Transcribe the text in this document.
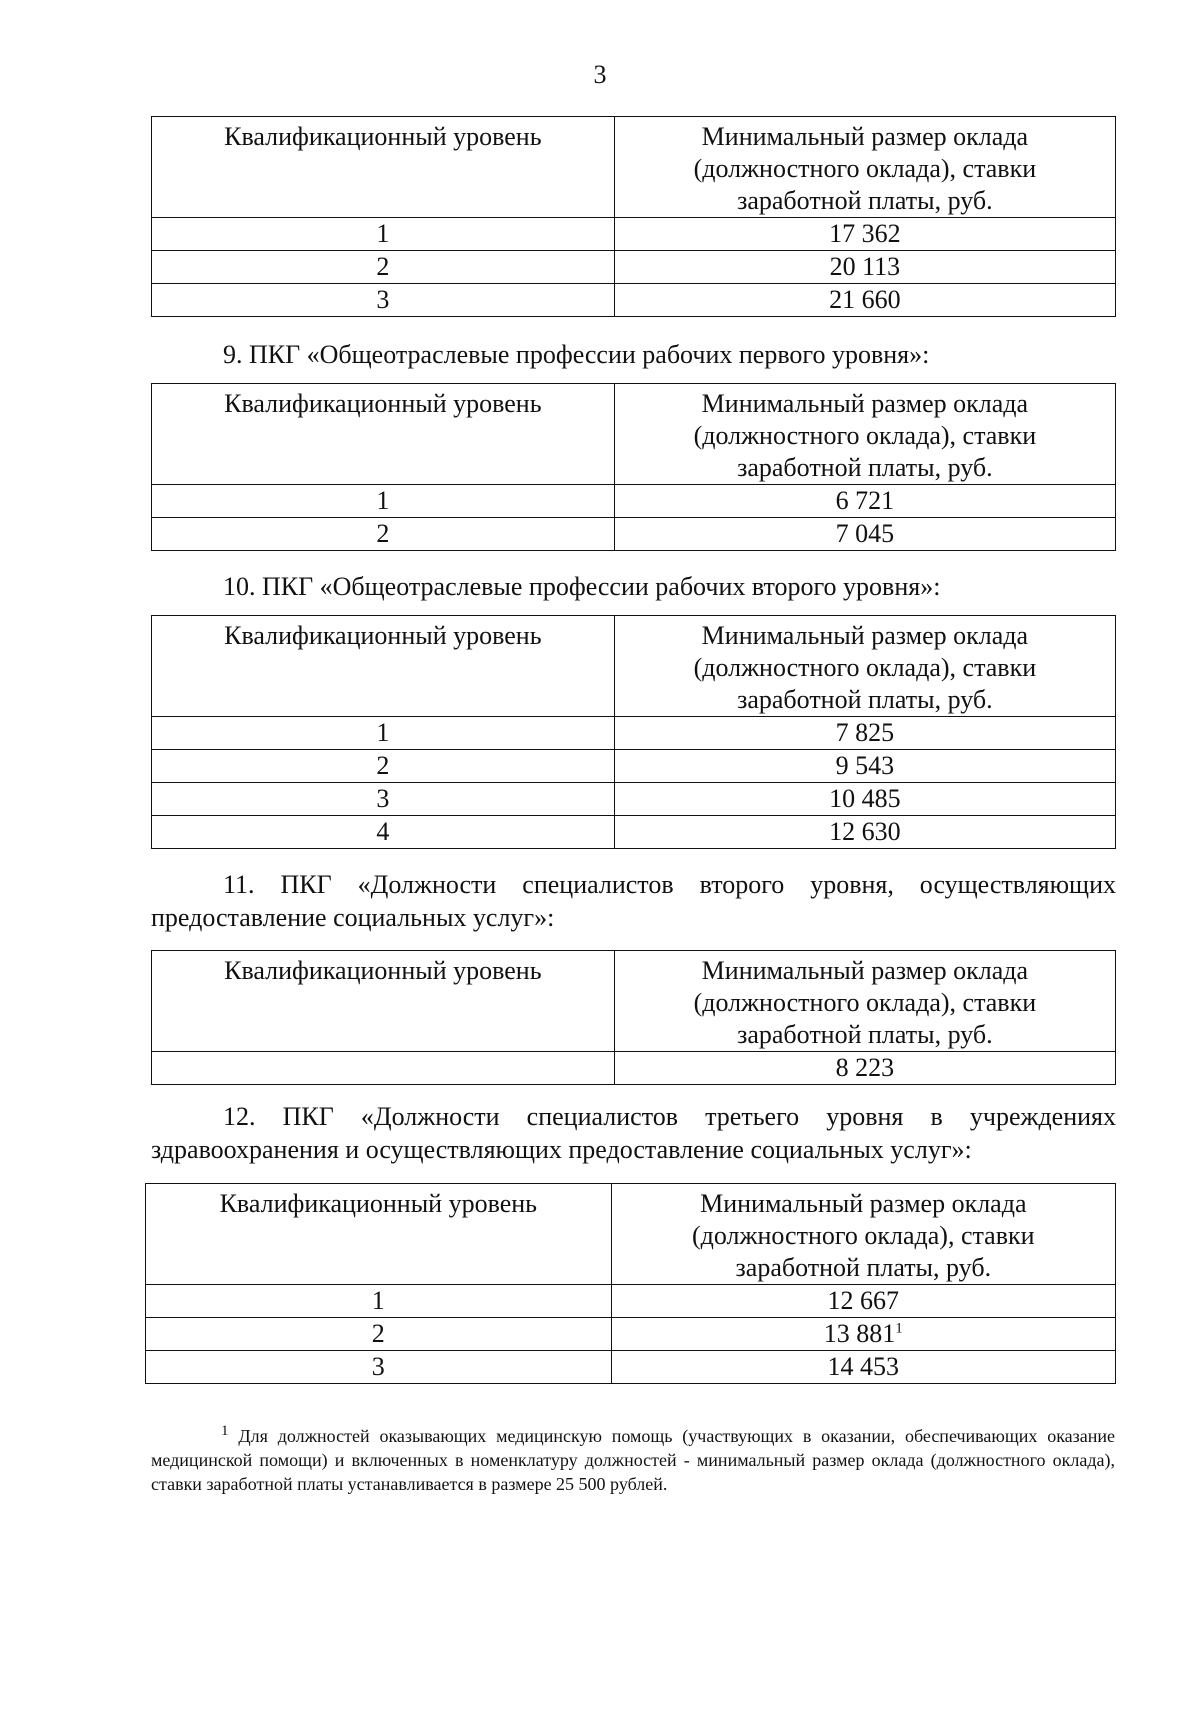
3
Квалификационный уровень	Минимальный размер оклада
(должностного оклада), ставки
заработной платы, руб.

1	17 362
2	20 113
3	21 660
9. ПКГ «Общеотраслевые профессии рабочих первого уровня»:
Квалификационный уровень	Минимальный размер оклада
(должностного оклада), ставки
заработной платы, руб.

1	6 721
2	7 045
10. ПКГ «Общеотраслевые профессии рабочих второго уровня»:
Квалификационный уровень	Минимальный размер оклада
(должностного оклада), ставки
заработной платы, руб.

1	7 825
2	9 543
3	10 485
4	12 630
11. ПКГ «Должности специалистов второго уровня, осуществляющих предоставление социальных услуг»:
Квалификационный уровень	Минимальный размер оклада
(должностного оклада), ставки
заработной платы, руб.

	8 223
12. ПКГ «Должности специалистов третьего уровня в учреждениях здравоохранения и осуществляющих предоставление социальных услуг»:
Квалификационный уровень	Минимальный размер оклада
(должностного оклада), ставки
заработной платы, руб.

1	12 667
2	13 $881^1$
3	14 453
$^1$ Для должностей оказывающих медицинскую помощь (участвующих в оказании, обеспечивающих оказание медицинской помощи) и включенных в номенклатуру должностей - минимальный размер оклада (должностного оклада), ставки заработной платы устанавливается в размере 25 500 рублей.
